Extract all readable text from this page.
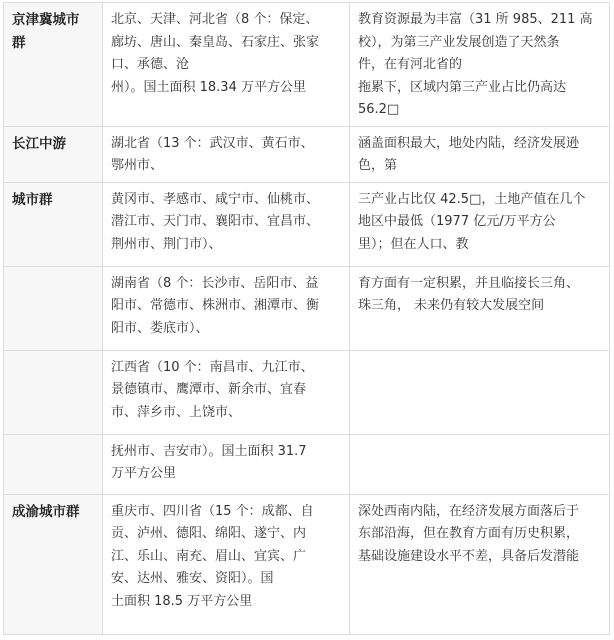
京津冀城市
群	北京、天津、河北省（8 个：保定、
廊坊、唐山、秦皇岛、石家庄、张家
口、承德、沧
州）。国土面积 18.34 万平方公里	教育资源最为丰富（31 所 985、211 高
校），为第三产业发展创造了天然条
件，在有河北省的
拖累下，区域内第三产业占比仍高达
56.2□
长江中游	湖北省（13 个：武汉市、黄石市、
鄂州市、	涵盖面积最大，地处内陆，经济发展逊
色，第
城市群	黄冈市、孝感市、咸宁市、仙桃市、
潜江市、天门市、襄阳市、宜昌市、
荆州市、荆门市）、	三产业占比仅 42.5□，土地产值在几个
地区中最低（1977 亿元/万平方公
里）；但在人口、教
	湖南省（8 个：长沙市、岳阳市、益
阳市、常德市、株洲市、湘潭市、衡
阳市、娄底市）、	育方面有一定积累，并且临接长三角、
珠三角， 未来仍有较大发展空间
	江西省（10 个：南昌市、九江市、
景德镇市、鹰潭市、新余市、宜春
市、萍乡市、上饶市、	
	抚州市、吉安市）。国土面积 31.7
万平方公里	
成渝城市群	重庆市、四川省（15 个：成都、自
贡、泸州、德阳、绵阳、遂宁、内
江、乐山、南充、眉山、宜宾、广
安、达州、雅安、资阳）。国
土面积 18.5 万平方公里	深处西南内陆，在经济发展方面落后于
东部沿海，但在教育方面有历史积累，
基础设施建设水平不差，具备后发潜能
